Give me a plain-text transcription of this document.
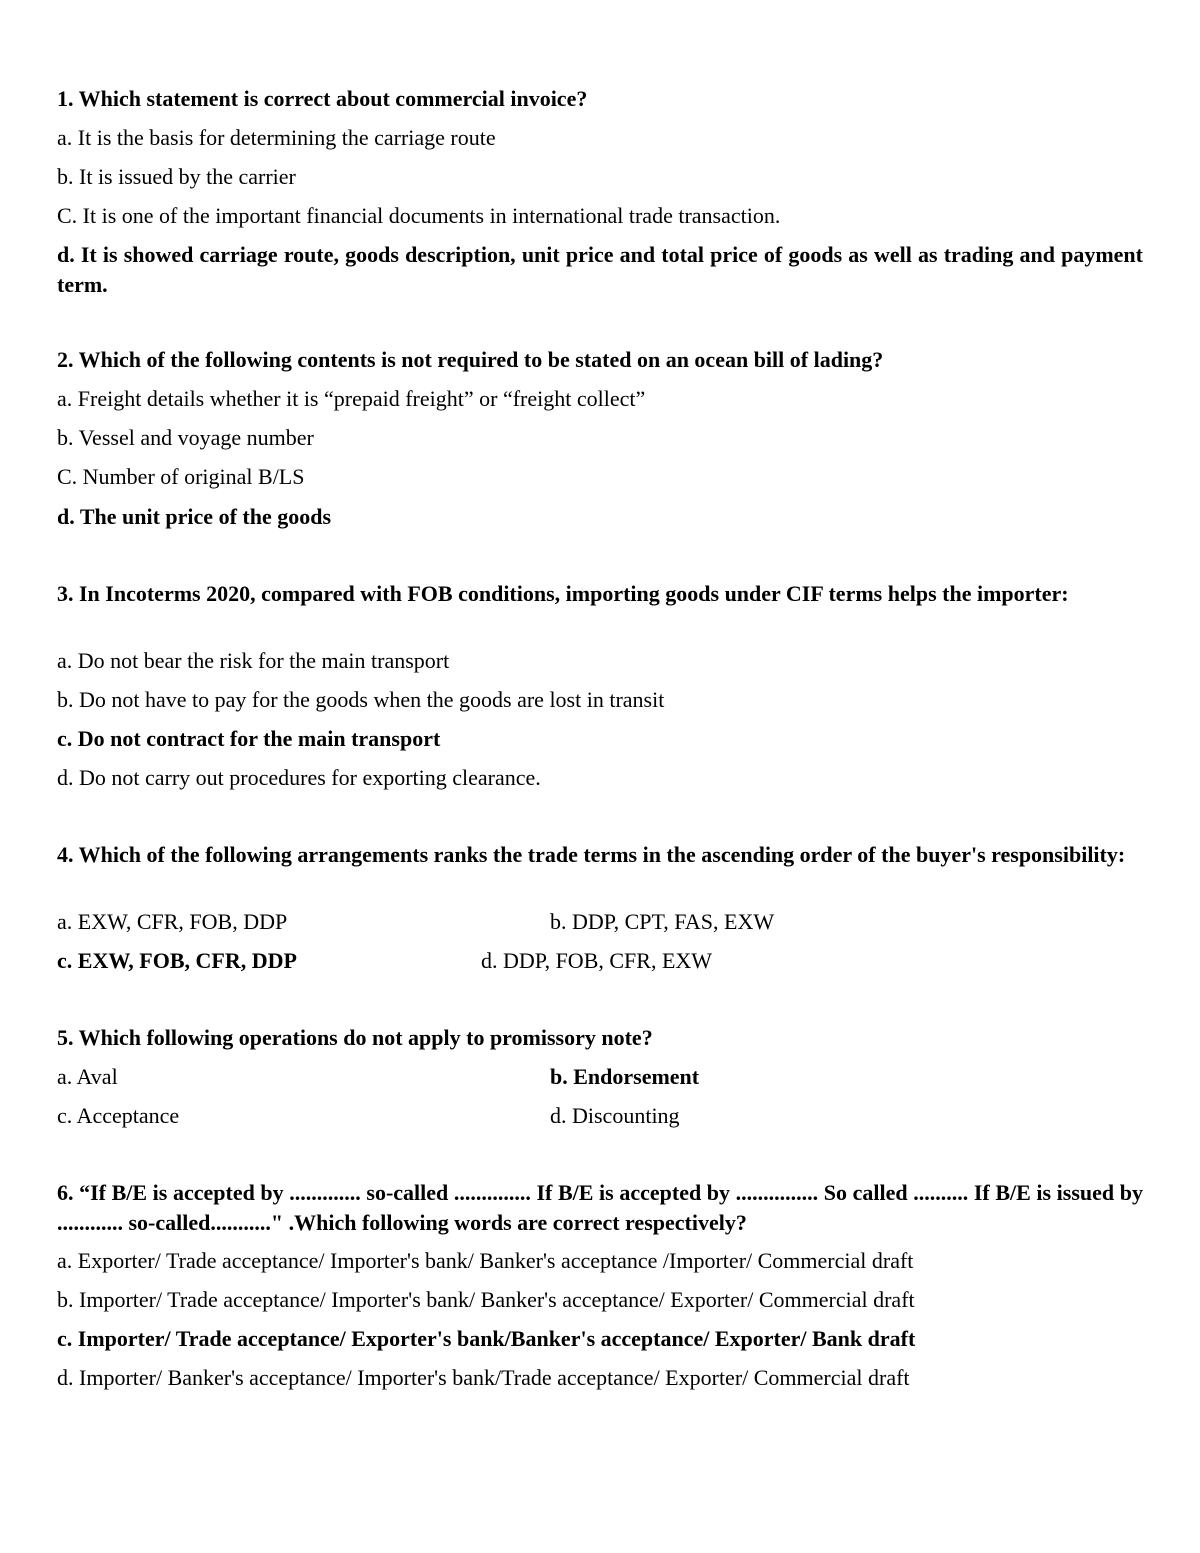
1. Which statement is correct about commercial invoice?
a. It is the basis for determining the carriage route
b. It is issued by the carrier
C. It is one of the important financial documents in international trade transaction.
d. It is showed carriage route, goods description, unit price and total price of goods as well as trading and payment term.
2. Which of the following contents is not required to be stated on an ocean bill of lading?
a. Freight details whether it is “prepaid freight” or “freight collect”
b. Vessel and voyage number
C. Number of original B/LS
d. The unit price of the goods
3. In Incoterms 2020, compared with FOB conditions, importing goods under CIF terms helps the importer:
a. Do not bear the risk for the main transport
b. Do not have to pay for the goods when the goods are lost in transit
c. Do not contract for the main transport
d. Do not carry out procedures for exporting clearance.
4. Which of the following arrangements ranks the trade terms in the ascending order of the buyer's responsibility:
a. EXW, CFR, FOB, DDP	b. DDP, CPT, FAS, EXW
c. EXW, FOB, CFR, DDP	d. DDP, FOB, CFR, EXW
5. Which following operations do not apply to promissory note?
a. Aval	b. Endorsement
c. Acceptance	d. Discounting
6. “If B/E is accepted by ............. so-called .............. If B/E is accepted by ............... So called .......... If B/E is issued by ............ so-called..........." .Which following words are correct respectively?
a. Exporter/ Trade acceptance/ Importer's bank/ Banker's acceptance /Importer/ Commercial draft
b. Importer/ Trade acceptance/ Importer's bank/ Banker's acceptance/ Exporter/ Commercial draft
c. Importer/ Trade acceptance/ Exporter's bank/Banker's acceptance/ Exporter/ Bank draft
d. Importer/ Banker's acceptance/ Importer's bank/Trade acceptance/ Exporter/ Commercial draft
